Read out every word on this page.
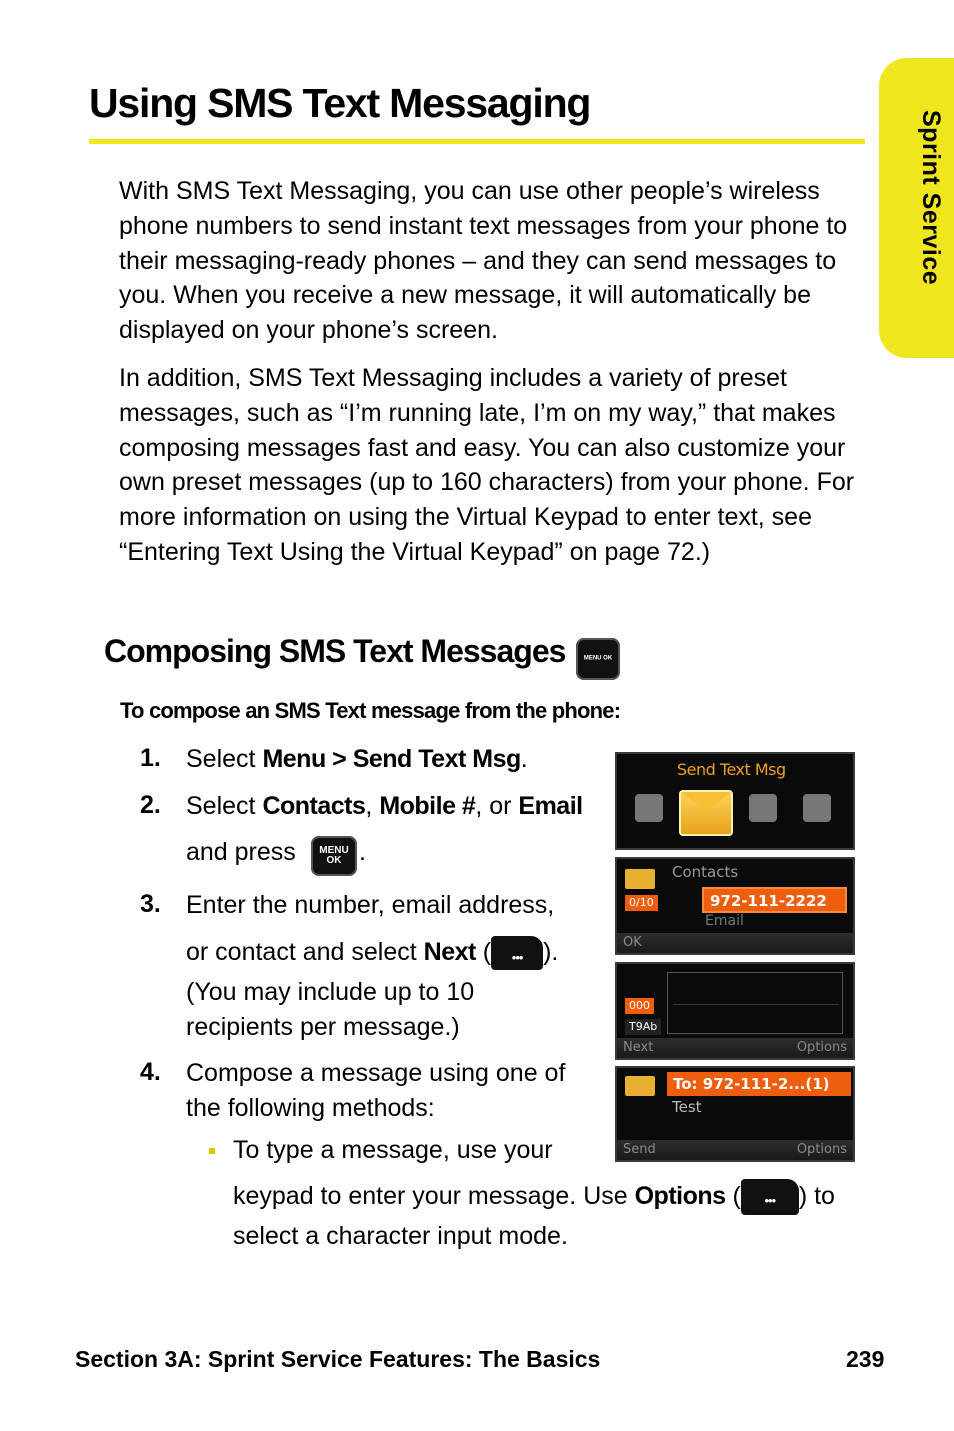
Sprint Service
Using SMS Text Messaging

With SMS Text Messaging, you can use other people’s wireless phone numbers to send instant text messages from your phone to their messaging-ready phones – and they can send messages to you. When you receive a new message, it will automatically be displayed on your phone’s screen.

In addition, SMS Text Messaging includes a variety of preset messages, such as “I’m running late, I’m on my way,” that makes composing messages fast and easy. You can also customize your own preset messages (up to 160 characters) from your phone. For more information on using the Virtual Keypad to enter text, see “Entering Text Using the Virtual Keypad” on page 72.)

Composing SMS Text Messages	MENU OK
To compose an SMS Text message from the phone:
1. Select Menu > Send Text Msg.

2. Select Contacts, Mobile #, or Email

and press	MENU
OK .
3. Enter the number, email address,

or contact and select Next ( ••• ).

(You may include up to 10

recipients per message.)

4. Compose a message using one of

the following methods:

To type a message, use your

keypad to enter your message. Use Options ( ••• ) to

select a character input mode.

Send Text Msg
Contacts
0/10	972-111-2222
Email
OK
000
T9Ab
Next	Options
To: 972-111-2...(1)
Test
Send	Options
Section 3A: Sprint Service Features: The Basics	239
